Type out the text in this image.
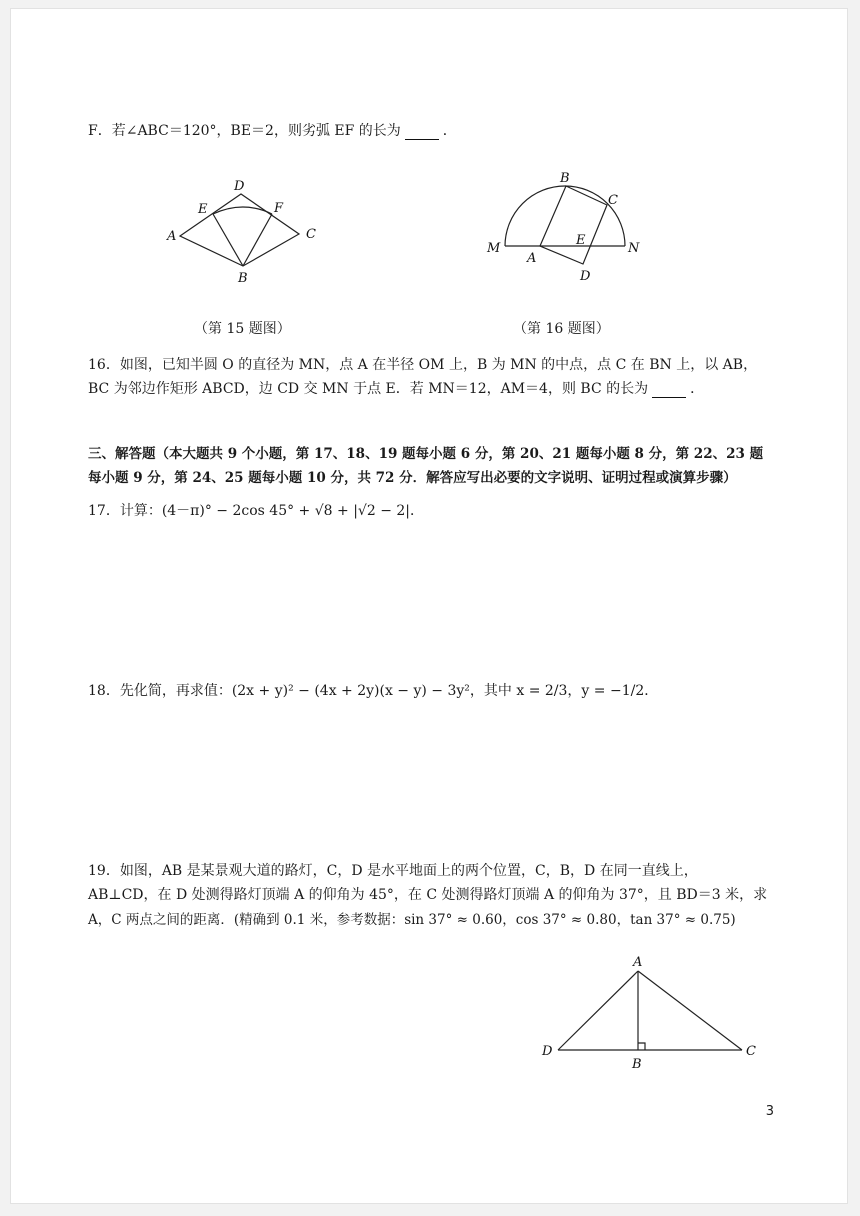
F．若∠ABC＝120°，BE＝2，则劣弧 EF 的长为	．
D
E	F
A	C
B
B
C
E
M	N
A
D
（第 15 题图）	（第 16 题图）
16．如图，已知半圆 O 的直径为 MN，点 A 在半径 OM 上，B 为 MN 的中点，点 C 在 BN 上，以 AB，
BC 为邻边作矩形 ABCD，边 CD 交 MN 于点 E．若 MN＝12，AM＝4，则 BC 的长为	．
三、解答题（本大题共 9 个小题，第 17、18、19 题每小题 6 分，第 20、21 题每小题 8 分，第 22、23 题
每小题 9 分，第 24、25 题每小题 10 分，共 72 分．解答应写出必要的文字说明、证明过程或演算步骤）
17．计算：(4－π)° − 2cos 45° + √8 + |√2 − 2|．
18．先化简，再求值：(2x + y)² − (4x + 2y)(x − y) − 3y²，其中 x = 2/3，y = −1/2．
19．如图，AB 是某景观大道的路灯，C，D 是水平地面上的两个位置，C，B，D 在同一直线上，
AB⊥CD，在 D 处测得路灯顶端 A 的仰角为 45°，在 C 处测得路灯顶端 A 的仰角为 37°，且 BD＝3 米，求
A，C 两点之间的距离．(精确到 0.1 米，参考数据：sin 37° ≈ 0.60，cos 37° ≈ 0.80，tan 37° ≈ 0.75)
A
D	C
B
3
